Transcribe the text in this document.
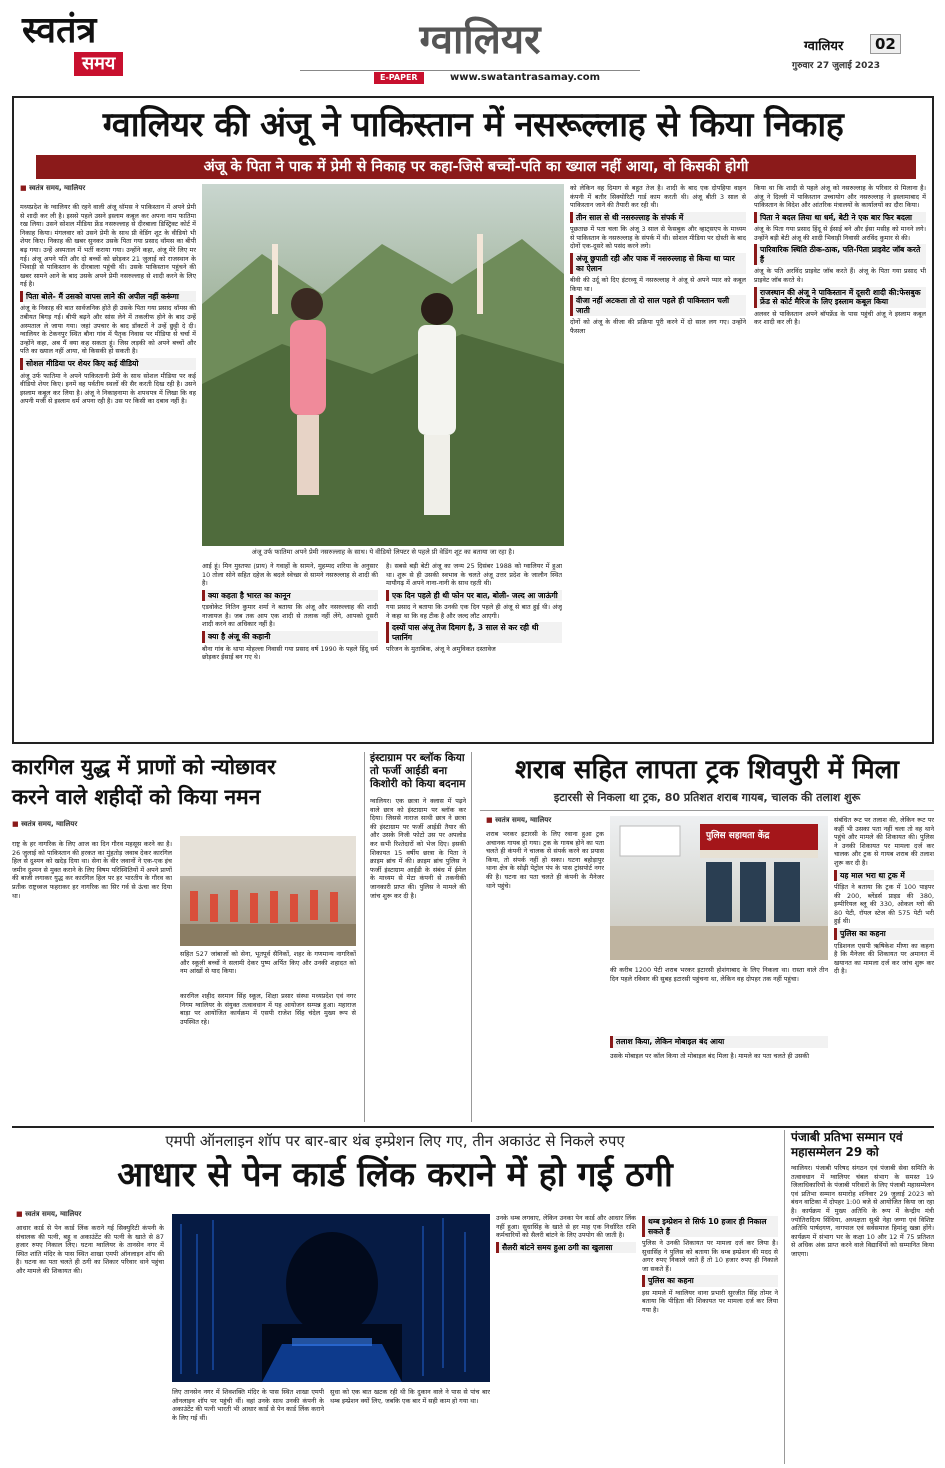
स्वतंत्र
समय
ग्वालियर
E-PAPER	www.swatantrasamay.com
ग्वालियर	02
गुरुवार 27 जुलाई 2023
ग्वालियर की अंजू ने पाकिस्तान में नसरूल्लाह से किया निकाह
अंजू के पिता ने पाक में प्रेमी से निकाह पर कहा-जिसे बच्चों-पति का ख्याल नहीं आया, वो किसकी होगी
■ स्वतंत्र समय, ग्वालियर

मध्यप्रदेश के ग्वालियर की रहने वाली अंजू थॉमस ने पाकिस्तान में अपने प्रेमी से शादी कर ली है। इससे पहले उसने इस्लाम कबूल कर अपना नाम फातिमा रख लिया। उसने सोशल मीडिया फ्रेंड नसरुल्लाह से दीरबाला डिस्ट्रिक्ट कोर्ट में निकाह किया। मंगलवार को उसने प्रेमी के साथ प्री वेडिंग शूट के वीडियो भी शेयर किए। निकाह की खबर सुनकर उसके पिता गया प्रसाद थॉमस का बीपी बढ़ गया। उन्हें अस्पताल में भर्ती कराया गया। उन्होंने कहा, अंजू मेरे लिए मर गई। अंजू अपने पति और दो बच्चों को छोड़कर 21 जुलाई को राजस्थान के भिवाड़ी से पाकिस्तान के दीरबाला पहुंची थी। उसके पाकिस्तान पहुंचने की खबर सामने आने के बाद उसके अपने प्रेमी नसरुल्लाह से शादी करने के लिए गई है।

पिता बोले- मैं उसको वापस लाने की अपील नहीं करूंगा

अंजू के निकाह की बात सार्वजनिक होते ही उसके पिता गया प्रसाद थॉमस की तबीयत बिगड़ गई। बीपी बढ़ने और सांस लेने में तकलीफ होने के बाद उन्हें अस्पताल ले जाया गया। जहां उपचार के बाद डॉक्टरों ने उन्हें छुट्टी दे दी। ग्वालियर के टेकनपुर स्थित बौना गांव में पैतृक निवास पर मीडिया से चर्चा में उन्होंने कहा, अब मैं क्या कह सकता हूं। जिस लड़की को अपने बच्चों और पति का ख्याल नहीं आया, वो किसकी हो सकती है।

सोशल मीडिया पर शेयर किए कई वीडियो

अंजू उर्फ फातिमा ने अपने पाकिस्तानी प्रेमी के साथ सोशल मीडिया पर कई वीडियो शेयर किए। इनमें वह पर्वतीय स्थलों की सैर करती दिख रही है। उसने इस्लाम कबूल कर लिया है। अंजू ने निकाहनामा के शपथपत्र में लिखा कि वह अपनी मर्जी से इस्लाम धर्म अपना रही है। उस पर किसी का दबाव नहीं है।

अंजू उर्फ फातिमा अपने प्रेमी नसरुल्लाह के साथ। ये वीडियो लिफ्टर से पहले प्री वेडिंग शूट का बताया जा रहा है।

आई हूं। मिन मुस्तफा (प्राय) ने गवाहों के सामने, मुहम्मद शरिया के अनुसार 10 तोला सोने सहित दहेज के बदले स्वेच्छा से सामने नसरुल्लाह से शादी की है।

क्या कहता है भारत का कानून

एडवोकेट नितिन कुमार शर्मा ने बताया कि अंजू और नसरुल्लाह की शादी नाजायज है। जब तक आप एक शादी से तलाक नहीं लेंगे, आपको दूसरी शादी करने का अधिकार नहीं है।

क्या है अंजू की कहानी

बौना गांव के थापा मोहल्ला निवासी गया प्रसाद वर्ष 1990 के पहले हिंदू धर्म छोड़कर ईसाई बन गए थे।

है। सबसे बड़ी बेटी अंजू का जन्म 25 दिसंबर 1988 को ग्वालियर में हुआ था। शुरू से ही उसकी स्वभाव के चलते अंजू उत्तर प्रदेश के जालौन स्थित मायौगढ़ में अपने नाना-नानी के साथ रहती थी।

एक दिन पहले ही थी फोन पर बात, बोली- जल्द आ जाऊंगी

गया प्रसाद ने बताया कि उनकी एक दिन पहले ही अंजू से बात हुई थी। अंजू ने कहा था कि वह टीक है और जल्द लौट आएगी।

दस्यों पास अंजू तेज दिमाग है, 3 साल से कर रही थी प्लानिंग

परिजन के मुताबिक, अंजू ने अमुविकत दस्तावेज

को लेकिन वह दिमाग से बहुत तेज है। शादी के बाद एक दोपहिया वाहन कंपनी में बतौर सिक्योरिटी गार्ड काम करती थी। अंजू बीती 3 साल से पाकिस्तान जाने की तैयारी कर रही थी।

तीन साल से थी नसरुल्लाह के संपर्क में

पूछताछ में पता चला कि अंजू 3 साल से फेसबुक और व्हाट्सएप के माध्यम से पाकिस्तान के नसरुल्लाह के संपर्क में थी। सोशल मीडिया पर दोस्ती के बाद दोनों एक-दूसरे को पसंद करने लगे।

अंजू छुपाती रही और पाक में नसरुल्लाह से किया था प्यार का ऐलान

बीवी की उर्दू को दिए इंटरव्यू में नसरुल्लाह ने अंजू से अपने प्यार को कबूल किया था।

वीजा नहीं अटकता तो दो साल पहले ही पाकिस्तान चली जाती

दोनों को अंजू के वीजा की प्रक्रिया पूरी करने में दो साल लग गए। उन्होंने फैसला

किया था कि शादी से पहले अंजू को नसरुल्लाह के परिवार से मिलाना है। अंजू ने दिल्ली में पाकिस्तान उच्चायोग और नसरुल्लाह ने इस्लामाबाद में पाकिस्तान के विदेश और आंतरिक मंत्रालयों के कार्यालयों का दौरा किया।

पिता ने बदल लिया था धर्म, बेटी ने एक बार फिर बदला

अंजू के पिता गया प्रसाद हिंदू से ईसाई बने और ईसा मसीह को मानने लगे। उन्होंने बड़ी बेटी अंजू की शादी भिवाड़ी निवासी अरविंद कुमार से की।

पारिवारिक स्थिति ठीक-ठाक, पति-पिता प्राइवेट जॉब करते हैं

अंजू के पति अरविंद प्राइवेट जॉब करते हैं। अंजू के पिता गया प्रसाद भी प्राइवेट जॉब करते थे।

राजस्थान की अंजू ने पाकिस्तान में दूसरी शादी की:फेसबुक फ्रेंड से कोर्ट मैरिज के लिए इस्लाम कबूल किया

अलवर से पाकिस्तान अपने बॉयफ्रेंड के पास पहुंची अंजू ने इस्लाम कबूल कर शादी कर ली है।

कारगिल युद्ध में प्राणों को न्योछावर
करने वाले शहीदों को किया नमन
■ स्वतंत्र समय, ग्वालियर

राष्ट्र के हर नागरिक के लिए आज का दिन गौरव महसूस करने का है। 26 जुलाई को पाकिस्तान की हरकत का मुंहतोड़ जवाब देकर कारगिल हिल से दुश्मन को खदेड़ दिया था। सेना के वीर जवानों ने एक-एक इंच जमीन दुश्मन से मुक्त कराने के लिए विषम परिस्थितियों में अपने प्राणों की बाजी लगाकर युद्ध कर कारगिल हिल पर हर भारतीय के गौरव का प्रतीक राष्ट्रध्वज फहराकर हर नागरिक का सिर गर्व से ऊंचा कर दिया था।

सहित 527 जांबाजों को सेना, भूतपूर्व सैनिकों, शहर के गणमान्य नागरिकों और स्कूली बच्चों ने सलामी देकर पुष्प अर्पित किए और उनकी शहादत को नम आंखों से याद किया।

कारगिल शहीद सरमान सिंह स्कूल, शिक्षा प्रसार संस्था मध्यप्रदेश एवं नगर निगम ग्वालियर के संयुक्त तत्वावधान में यह आयोजन सम्पन्न हुआ। महाराज बाड़ा पर आयोजित कार्यक्रम में एसपी राजेश सिंह चंदेल मुख्य रूप से उपस्थित रहे।

इंस्टाग्राम पर ब्लॉक किया तो फर्जी आईडी बना किशोरी को किया बदनाम

ग्वालियर। एक छात्रा ने क्लास में पढ़ने वाले छात्र को इंस्टाग्राम पर ब्लॉक कर दिया। जिससे नाराज साथी छात्र ने छात्रा की इंस्टाग्राम पर फर्जी आईडी तैयार की और उसके निजी फोटो उस पर अपलोड कर सभी रिश्तेदारों को भेज दिए। इसकी शिकायत 15 वर्षीय छात्रा के पिता ने क्राइम ब्रांच में की। क्राइम ब्रांच पुलिस ने फर्जी इंस्टाग्राम आईडी के संबंध में ईमेल के माध्यम से मेटा कंपनी से तकनीकी जानकारी प्राप्त की। पुलिस ने मामले की जांच शुरू कर दी है।

शराब सहित लापता ट्रक शिवपुरी में मिला
इटारसी से निकला था ट्रक, 80 प्रतिशत शराब गायब, चालक की तलाश शुरू
■ स्वतंत्र समय, ग्वालियर

शराब भरकर इटारसी के लिए रवाना हुआ ट्रक अचानक गायब हो गया। ट्रक के गायब होने का पता चलते ही कंपनी ने चालक से संपर्क करने का प्रयास किया, तो संपर्क नहीं हो सका। घटना बहोड़ापुर थाना क्षेत्र के सोढ़ी पेट्रोल पंप के पास ट्रांसपोर्ट नगर की है। घटना का पता चलते ही कंपनी के मैनेजर थाने पहुंचे।

पुलिस सहायता केंद्र

की करीब 1200 पेटी शराब भरकर इटारसी होशंगाबाद के लिए निकला था। रास्ता वाले तीन दिन पहले रविवार की सुबह इटारसी पहुंचना था, लेकिन वह दोपहर तक नहीं पहुंचा।

तलाश किया, लेकिन मोबाइल बंद आया

उसके मोबाइल पर कॉल किया तो मोबाइल बंद मिला है। मामले का पता चलते ही उसकी

संबंधित रूट पर तलाश की, लेकिन रूट पर कहीं भी उसका पता नहीं चला तो वह थाने पहुंचे और मामले की शिकायत की। पुलिस ने उनकी शिकायत पर मामला दर्ज कर चालक और ट्रक से गायब शराब की तलाश शुरू कर दी है।

यह माल भरा था ट्रक में

पीड़ित ने बताया कि ट्रक में 100 पाइपर की 200, ब्लेंडर्स प्राइड की 380, इम्पीरियल ब्लू की 330, ओकल ग्लो की 80 पेटी, रॉयल स्टेज की 575 पेटी भरी हुई थी।

पुलिस का कहना

एडिशनल एसपी ऋषिकेश मीणा का कहना है कि मैनेजर की शिकायत पर अमानत में खयानत का मामला दर्ज कर जांच शुरू कर दी है।

एमपी ऑनलाइन शॉप पर बार-बार थंब इम्प्रेशन लिए गए, तीन अकाउंट से निकले रुपए
आधार से पेन कार्ड लिंक कराने में हो गई ठगी
■ स्वतंत्र समय, ग्वालियर

आधार कार्ड से पेन कार्ड लिंक कराने गई सिक्युरिटी कंपनी के संचालक की पत्नी, बहू व अकाउंटेंट की पत्नी के खाते से 87 हजार रुपए निकाल लिए। घटना ग्वालियर के तानसेन नगर में स्थित शांति मंदिर के पास स्थित शाखा एमपी ऑनलाइन शॉप की है। घटना का पता चलते ही ठगी का शिकार परिवार थाने पहुंचा और मामले की शिकायत की।

लिए तानसेन नगर में शिवशक्ति मंदिर के पास स्थित शाखा एमपी ऑनलाइन शॉप पर पहुंची थीं। वहां उनके साथ उनकी कंपनी के अकाउंटेंट की पत्नी भारती भी आधार कार्ड से पेन कार्ड लिंक कराने के लिए गई थीं।

सुधा को एक बात खटक रही थी कि दुकान वाले ने पास से पांच बार थम्ब इम्प्रेशन क्यों लिए, जबकि एक बार में सही काम हो गया था।

उनके थम्ब लगवाए, लेकिन उनका पेन कार्ड और आधार लिंक नहीं हुआ। सुधासिंह के खाते से हर माह एक निर्धारित राशि कर्मचारियों को सैलरी बांटने के लिए उपयोग की जाती है।

सैलरी बांटने समय हुआ ठगी का खुलासा
थम्ब इम्प्रेशन से सिर्फ 10 हजार ही निकाल सकते हैं

पुलिस ने उनकी शिकायत पर मामला दर्ज कर लिया है। सुधासिंह ने पुलिस को बताया कि थम्ब इम्प्रेशन की मदद से अगर रुपए निकाले जाते हैं तो 10 हजार रुपए ही निकाले जा सकते हैं।

पुलिस का कहना

इस मामले में ग्वालियर थाना प्रभारी सुरजीत सिंह तोमर ने बताया कि पीड़िता की शिकायत पर मामला दर्ज कर लिया गया है।

पंजाबी प्रतिभा सम्मान एवं महासम्मेलन 29 को

ग्वालियर। पंजाबी परिषद संगठन एवं पंजाबी सेवा समिति के तत्वावधान में ग्वालियर चंबल संभाग के समस्त 19 जिलाधिकारियों के पंजाबी परिवारों के लिए पंजाबी महासम्मेलन एवं प्रतिभा सम्मान समारोह शनिवार 29 जुलाई 2023 को बंधन वाटिका में दोपहर 1:00 बजे से आयोजित किया जा रहा है। कार्यक्रम में मुख्य अतिथि के रूप में केन्द्रीय मंत्री ज्योतिरादित्य सिंधिया, अध्यक्षता सुश्री नेहा जग्गा एवं विशिष्ट अतिथि पार्षदगण, नागपाल एवं सर्वसमाज हिमांशु खन्ना होंगे। कार्यक्रम में संभाग भर के कक्षा 10 और 12 में 75 प्रतिशत से अधिक अंक प्राप्त करने वाले विद्यार्थियों को सम्मानित किया जाएगा।
